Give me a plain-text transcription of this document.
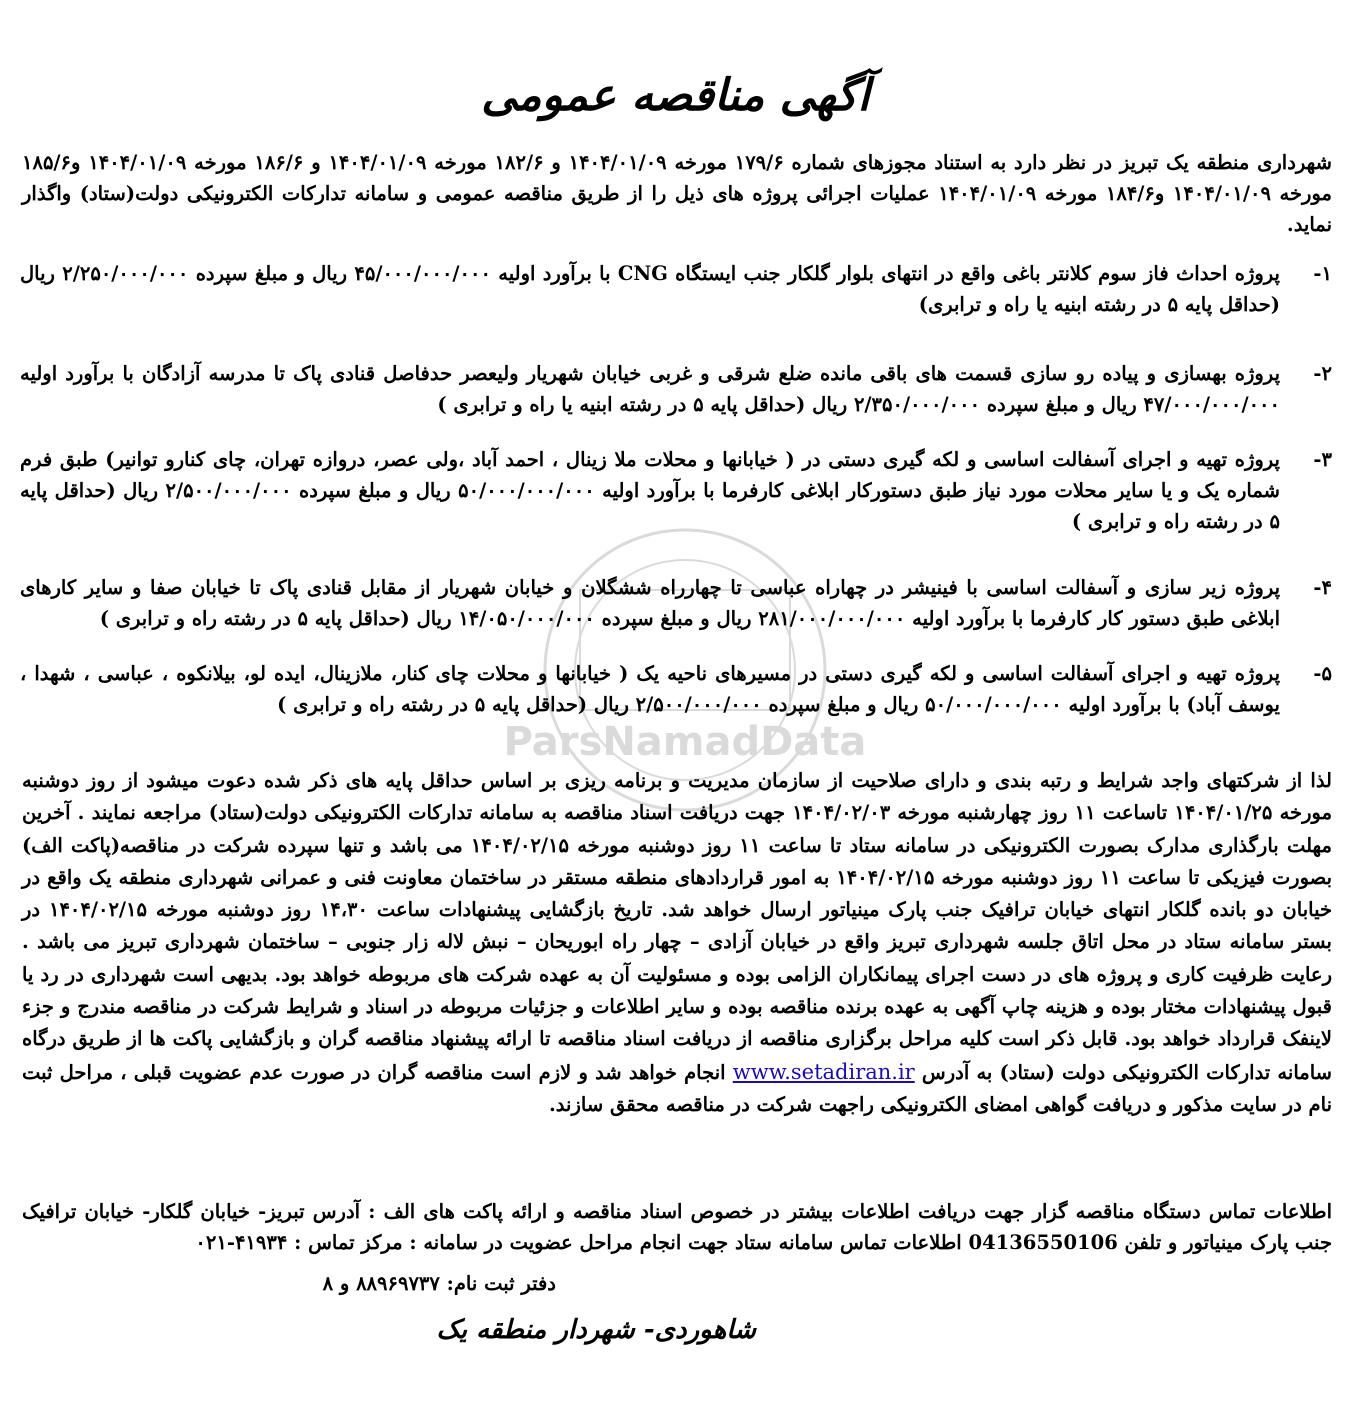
ParsNamadData
آگهی مناقصه عمومی
شهرداری منطقه یک تبریز در نظر دارد به استناد مجوزهای شماره ۱۷۹/۶ مورخه ۱۴۰۴/۰۱/۰۹ و ۱۸۲/۶ مورخه ۱۴۰۴/۰۱/۰۹ و ۱۸۶/۶ مورخه ۱۴۰۴/۰۱/۰۹ و۱۸۵/۶ مورخه ۱۴۰۴/۰۱/۰۹ و۱۸۴/۶ مورخه ۱۴۰۴/۰۱/۰۹ عملیات اجرائی پروژه های ذیل را از طریق مناقصه عمومی و سامانه تدارکات الکترونیکی دولت(ستاد) واگذار نماید.
۱-
پروژه احداث فاز سوم کلانتر باغی واقع در انتهای بلوار گلکار جنب ایستگاه CNG با برآورد اولیه ۴۵/۰۰۰/۰۰۰/۰۰۰ ریال و مبلغ سپرده ۲/۲۵۰/۰۰۰/۰۰۰ ریال (حداقل پایه ۵ در رشته ابنیه یا راه و ترابری)
۲-
پروژه بهسازی و پیاده رو سازی قسمت های باقی مانده ضلع شرقی و غربی خیابان شهریار ولیعصر حدفاصل قنادی پاک تا مدرسه آزادگان با برآورد اولیه ۴۷/۰۰۰/۰۰۰/۰۰۰ ریال و مبلغ سپرده ۲/۳۵۰/۰۰۰/۰۰۰ ریال (حداقل پایه ۵ در رشته ابنیه یا راه و ترابری )
۳-
پروژه تهیه و اجرای آسفالت اساسی و لکه گیری دستی در ( خیابانها و محلات ملا زینال ، احمد آباد ،ولی عصر، دروازه تهران، چای کنارو توانیر) طبق فرم شماره یک و یا سایر محلات مورد نیاز طبق دستورکار ابلاغی کارفرما با برآورد اولیه ۵۰/۰۰۰/۰۰۰/۰۰۰ ریال و مبلغ سپرده ۲/۵۰۰/۰۰۰/۰۰۰ ریال (حداقل پایه ۵ در رشته راه و ترابری )
۴-
پروژه زیر سازی و آسفالت اساسی با فینیشر در چهاراه عباسی تا چهارراه ششگلان و خیابان شهریار از مقابل قنادی پاک تا خیابان صفا و سایر کارهای ابلاغی طبق دستور کار کارفرما با برآورد اولیه ۲۸۱/۰۰۰/۰۰۰/۰۰۰ ریال و مبلغ سپرده ۱۴/۰۵۰/۰۰۰/۰۰۰ ریال (حداقل پایه ۵ در رشته راه و ترابری )
۵-
پروژه تهیه و اجرای آسفالت اساسی و لکه گیری دستی در مسیرهای ناحیه یک ( خیابانها و محلات چای کنار، ملازینال، ایده لو، بیلانکوه ، عباسی ، شهدا ، یوسف آباد) با برآورد اولیه ۵۰/۰۰۰/۰۰۰/۰۰۰ ریال و مبلغ سپرده ۲/۵۰۰/۰۰۰/۰۰۰ ریال (حداقل پایه ۵ در رشته راه و ترابری )
لذا از شرکتهای واجد شرایط و رتبه بندی و دارای صلاحیت از سازمان مدیریت و برنامه ریزی بر اساس حداقل پایه های ذکر شده دعوت میشود از روز دوشنبه مورخه ۱۴۰۴/۰۱/۲۵ تاساعت ۱۱ روز چهارشنبه مورخه ۱۴۰۴/۰۲/۰۳ جهت دریافت اسناد مناقصه به سامانه تدارکات الکترونیکی دولت(ستاد) مراجعه نمایند . آخرین مهلت بارگذاری مدارک بصورت الکترونیکی در سامانه ستاد تا ساعت ۱۱ روز دوشنبه مورخه ۱۴۰۴/۰۲/۱۵ می باشد و تنها سپرده شرکت در مناقصه(پاکت الف) بصورت فیزیکی تا ساعت ۱۱ روز دوشنبه مورخه ۱۴۰۴/۰۲/۱۵ به امور قراردادهای منطقه مستقر در ساختمان معاونت فنی و عمرانی شهرداری منطقه یک واقع در خیابان دو بانده گلکار انتهای خیابان ترافیک جنب پارک مینیاتور ارسال خواهد شد. تاریخ بازگشایی پیشنهادات ساعت ۱۴،۳۰ روز دوشنبه مورخه ۱۴۰۴/۰۲/۱۵ در بستر سامانه ستاد در محل اتاق جلسه شهرداری تبریز واقع در خیابان آزادی – چهار راه ابوریحان – نبش لاله زار جنوبی – ساختمان شهرداری تبریز می باشد . رعایت ظرفیت کاری و پروژه های در دست اجرای پیمانکاران الزامی بوده و مسئولیت آن به عهده شرکت های مربوطه خواهد بود. بدیهی است شهرداری در رد یا قبول پیشنهادات مختار بوده و هزینه چاپ آگهی به عهده برنده مناقصه بوده و سایر اطلاعات و جزئیات مربوطه در اسناد و شرایط شرکت در مناقصه مندرج و جزء لاینفک قرارداد خواهد بود. قابل ذکر است کلیه مراحل برگزاری مناقصه از دریافت اسناد مناقصه تا ارائه پیشنهاد مناقصه گران و بازگشایی پاکت ها از طریق درگاه سامانه تدارکات الکترونیکی دولت (ستاد) به آدرس www.setadiran.ir انجام خواهد شد و لازم است مناقصه گران در صورت عدم عضویت قبلی ، مراحل ثبت نام در سایت مذکور و دریافت گواهی امضای الکترونیکی راجهت شرکت در مناقصه محقق سازند.
اطلاعات تماس دستگاه مناقصه گزار جهت دریافت اطلاعات بیشتر در خصوص اسناد مناقصه و ارائه پاکت های الف : آدرس تبریز- خیابان گلکار- خیابان ترافیک جنب پارک مینیاتور و تلفن 04136550106 اطلاعات تماس سامانه ستاد جهت انجام مراحل عضویت در سامانه : مرکز تماس : ۴۱۹۳۴-۰۲۱
دفتر ثبت نام: ۸۸۹۶۹۷۳۷ و ۸
شاهوردی- شهردار منطقه یک
